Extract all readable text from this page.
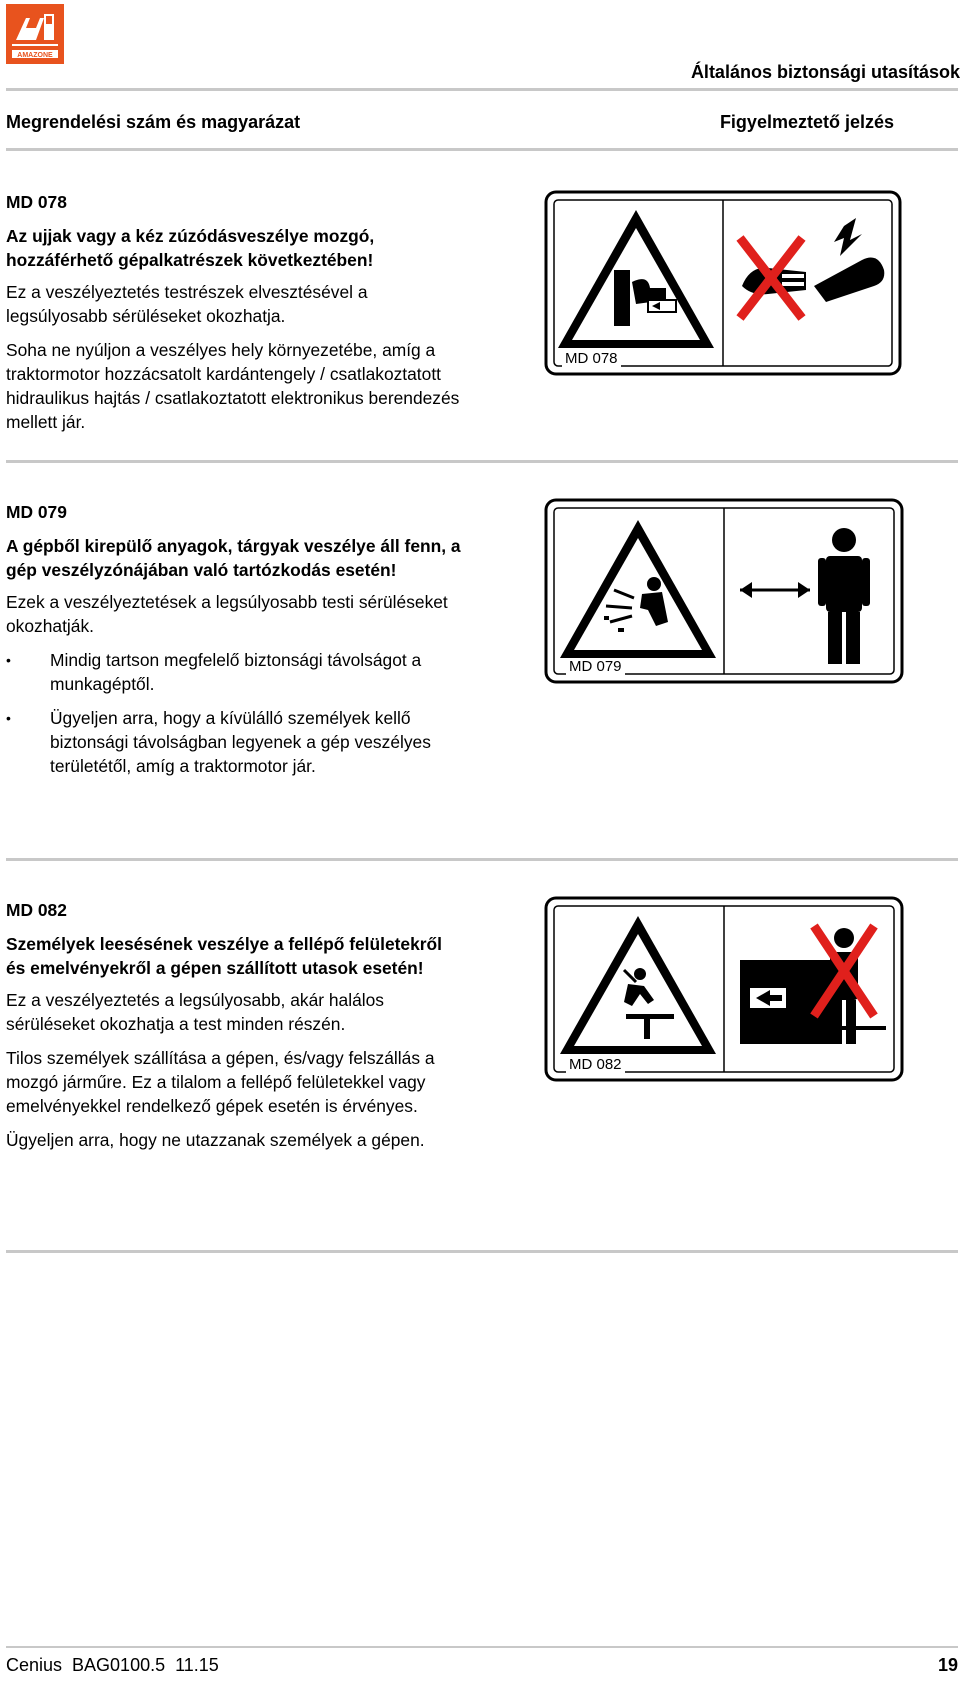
AMAZONE
Általános biztonsági utasítások
Megrendelési szám és magyarázat	Figyelmeztető jelzés
MD 078
Az ujjak vagy a kéz zúzódásveszélye mozgó, hozzáférhető gépalkatrészek következtében!

Ez a veszélyeztetés testrészek elvesztésével a legsúlyosabb sérüléseket okozhatja.

Soha ne nyúljon a veszélyes hely környezetébe, amíg a traktormotor hozzácsatolt kardántengely / csatlakoztatott hidraulikus hajtás / csatlakoztatott elektronikus berendezés mellett jár.

MD 078
MD 079
A gépből kirepülő anyagok, tárgyak veszélye áll fenn, a gép veszélyzónájában való tartózkodás esetén!

Ezek a veszélyeztetések a legsúlyosabb testi sérüléseket okozhatják.

• Mindig tartson megfelelő biztonsági távolságot a munkagéptől.
• Ügyeljen arra, hogy a kívülálló személyek kellő biztonsági távolságban legyenek a gép veszélyes területétől, amíg a traktormotor jár.
MD 079
MD 082
Személyek leesésének veszélye a fellépő felületekről és emelvényekről a gépen szállított utasok esetén!

Ez a veszélyeztetés a legsúlyosabb, akár halálos sérüléseket okozhatja a test minden részén.

Tilos személyek szállítása a gépen, és/vagy felszállás a mozgó járműre. Ez a tilalom a fellépő felületekkel vagy emelvényekkel rendelkező gépek esetén is érvényes.

Ügyeljen arra, hogy ne utazzanak személyek a gépen.

MD 082
Cenius  BAG0100.5  11.15	19
